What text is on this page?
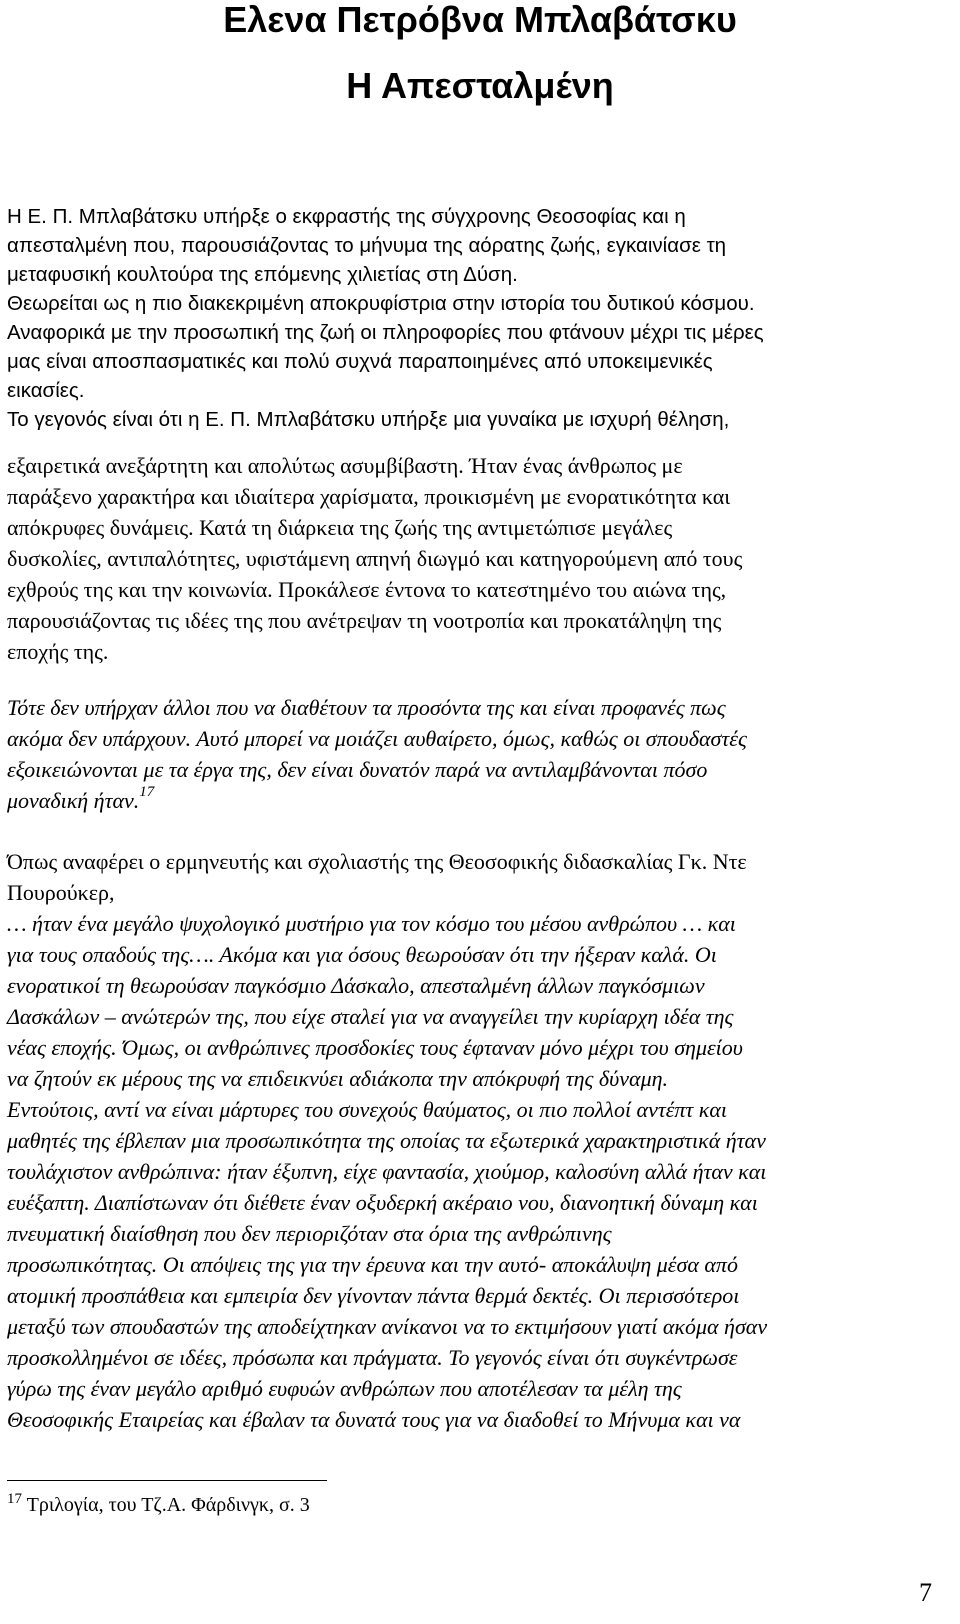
Ελενα Πετρόβνα Μπλαβάτσκυ
Η Απεσταλμένη
Η Ε. Π. Μπλαβάτσκυ υπήρξε ο εκφραστής της σύγχρονης Θεοσοφίας και η
απεσταλμένη που, παρουσιάζοντας το μήνυμα της αόρατης ζωής, εγκαινίασε τη
μεταφυσική κουλτούρα της επόμενης χιλιετίας στη Δύση.
Θεωρείται ως η πιο διακεκριμένη αποκρυφίστρια στην ιστορία του δυτικού κόσμου.
Αναφορικά με την προσωπική της ζωή οι πληροφορίες που φτάνουν μέχρι τις μέρες
μας είναι αποσπασματικές και πολύ συχνά παραποιημένες από υποκειμενικές
εικασίες.
Το γεγονός είναι ότι η Ε. Π. Μπλαβάτσκυ υπήρξε μια γυναίκα με ισχυρή θέληση,
εξαιρετικά ανεξάρτητη και απολύτως ασυμβίβαστη. Ήταν ένας άνθρωπος με
παράξενο χαρακτήρα και ιδιαίτερα χαρίσματα, προικισμένη με ενορατικότητα και
απόκρυφες δυνάμεις. Κατά τη διάρκεια της ζωής της αντιμετώπισε μεγάλες
δυσκολίες, αντιπαλότητες, υφιστάμενη απηνή διωγμό και κατηγορούμενη από τους
εχθρούς της και την κοινωνία. Προκάλεσε έντονα το κατεστημένο του αιώνα της,
παρουσιάζοντας τις ιδέες της που ανέτρεψαν τη νοοτροπία και προκατάληψη της
εποχής της.
Τότε δεν υπήρχαν άλλοι που να διαθέτουν τα προσόντα της και είναι προφανές πως
ακόμα δεν υπάρχουν. Αυτό μπορεί να μοιάζει αυθαίρετο, όμως, καθώς οι σπουδαστές
εξοικειώνονται με τα έργα της, δεν είναι δυνατόν παρά να αντιλαμβάνονται πόσο
μοναδική ήταν.$^{17}$
Όπως αναφέρει ο ερμηνευτής και σχολιαστής της Θεοσοφικής διδασκαλίας Γκ. Ντε
Πουρούκερ,
… ήταν ένα μεγάλο ψυχολογικό μυστήριο για τον κόσμο του μέσου ανθρώπου … και
για τους οπαδούς της…. Ακόμα και για όσους θεωρούσαν ότι την ήξεραν καλά. Οι
ενορατικοί τη θεωρούσαν παγκόσμιο Δάσκαλο, απεσταλμένη άλλων παγκόσμιων
Δασκάλων – ανώτερών της, που είχε σταλεί για να αναγγείλει την κυρίαρχη ιδέα της
νέας εποχής. Όμως, οι ανθρώπινες προσδοκίες τους έφταναν μόνο μέχρι του σημείου
να ζητούν εκ μέρους της να επιδεικνύει αδιάκοπα την απόκρυφή της δύναμη.
Εντούτοις, αντί να είναι μάρτυρες του συνεχούς θαύματος, οι πιο πολλοί αντέπτ και
μαθητές της έβλεπαν μια προσωπικότητα της οποίας τα εξωτερικά χαρακτηριστικά ήταν
τουλάχιστον ανθρώπινα: ήταν έξυπνη, είχε φαντασία, χιούμορ, καλοσύνη αλλά ήταν και
ευέξαπτη. Διαπίστωναν ότι διέθετε έναν οξυδερκή ακέραιο νου, διανοητική δύναμη και
πνευματική διαίσθηση που δεν περιοριζόταν στα όρια της ανθρώπινης
προσωπικότητας. Οι απόψεις της για την έρευνα και την αυτό- αποκάλυψη μέσα από
ατομική προσπάθεια και εμπειρία δεν γίνονταν πάντα θερμά δεκτές. Οι περισσότεροι
μεταξύ των σπουδαστών της αποδείχτηκαν ανίκανοι να το εκτιμήσουν γιατί ακόμα ήσαν
προσκολλημένοι σε ιδέες, πρόσωπα και πράγματα. Το γεγονός είναι ότι συγκέντρωσε
γύρω της έναν μεγάλο αριθμό ευφυών ανθρώπων που αποτέλεσαν τα μέλη της
Θεοσοφικής Εταιρείας και έβαλαν τα δυνατά τους για να διαδοθεί το Μήνυμα και να
$^{17}$ Τριλογία, του Τζ.Α. Φάρδινγκ, σ. 3
7
